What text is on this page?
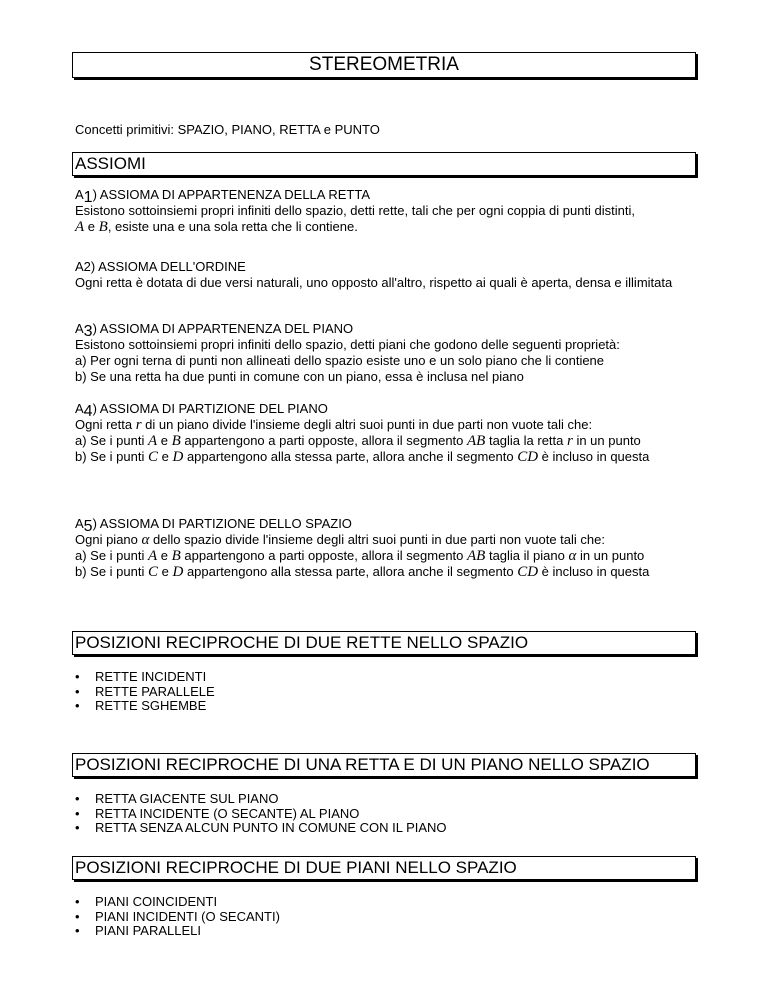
STEREOMETRIA
Concetti primitivi: SPAZIO, PIANO, RETTA e PUNTO
ASSIOMI

A1) ASSIOMA DI APPARTENENZA DELLA RETTA

Esistono sottoinsiemi propri infiniti dello spazio, detti rette, tali che per ogni coppia di punti distinti,
A e B, esiste una e una sola retta che li contiene.

A2) ASSIOMA DELL'ORDINE

Ogni retta è dotata di due versi naturali, uno opposto all'altro, rispetto ai quali è aperta, densa e illimitata

A3) ASSIOMA DI APPARTENENZA DEL PIANO

Esistono sottoinsiemi propri infiniti dello spazio, detti piani che godono delle seguenti proprietà:

a) Per ogni terna di punti non allineati dello spazio esiste uno e un solo piano che li contiene

b) Se una retta ha due punti in comune con un piano, essa è inclusa nel piano

A4) ASSIOMA DI PARTIZIONE DEL PIANO

Ogni retta r di un piano divide l'insieme degli altri suoi punti in due parti non vuote tali che:

a) Se i punti A e B appartengono a parti opposte, allora il segmento AB taglia la retta r in un punto

b) Se i punti C e D appartengono alla stessa parte, allora anche il segmento CD è incluso in questa

A5) ASSIOMA DI PARTIZIONE DELLO SPAZIO

Ogni piano α dello spazio divide l'insieme degli altri suoi punti in due parti non vuote tali che:

a) Se i punti A e B appartengono a parti opposte, allora il segmento AB taglia il piano α in un punto

b) Se i punti C e D appartengono alla stessa parte, allora anche il segmento CD è incluso in questa

POSIZIONI RECIPROCHE DI DUE RETTE NELLO SPAZIO
• RETTE INCIDENTI
• RETTE PARALLELE
• RETTE SGHEMBE
POSIZIONI RECIPROCHE DI UNA RETTA E DI UN PIANO NELLO SPAZIO
• RETTA GIACENTE SUL PIANO
• RETTA INCIDENTE (O SECANTE) AL PIANO
• RETTA SENZA ALCUN PUNTO IN COMUNE CON IL PIANO
POSIZIONI RECIPROCHE DI DUE PIANI NELLO SPAZIO
• PIANI COINCIDENTI
• PIANI INCIDENTI (O SECANTI)
• PIANI PARALLELI
